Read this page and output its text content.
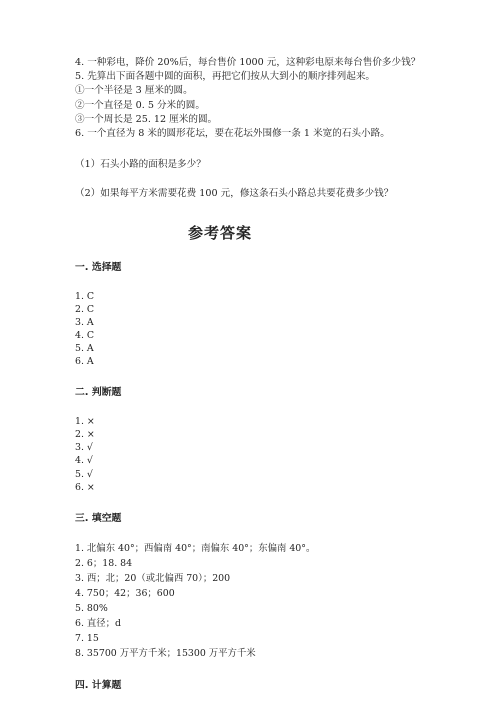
4. 一种彩电，降价 20%后，每台售价 1000 元，这种彩电原来每台售价多少钱？
5. 先算出下面各题中圆的面积，再把它们按从大到小的顺序排列起来。
①一个半径是 3 厘米的圆。
②一个直径是 0. 5 分米的圆。
③一个周长是 25. 12 厘米的圆。
6. 一个直径为 8 米的圆形花坛，要在花坛外围修一条 1 米宽的石头小路。
（1）石头小路的面积是多少？
（2）如果每平方米需要花费 100 元，修这条石头小路总共要花费多少钱？
参考答案
一. 选择题
1. C
2. C
3. A
4. C
5. A
6. A
二. 判断题
1. ×
2. ×
3. √
4. √
5. √
6. ×
三. 填空题
1. 北偏东 40°；西偏南 40°；南偏东 40°；东偏南 40°。
2. 6；18. 84
3. 西；北；20（或北偏西 70）；200
4. 750；42；36；600
5. 80%
6. 直径；d
7. 15
8. 35700 万平方千米；15300 万平方千米
四. 计算题
